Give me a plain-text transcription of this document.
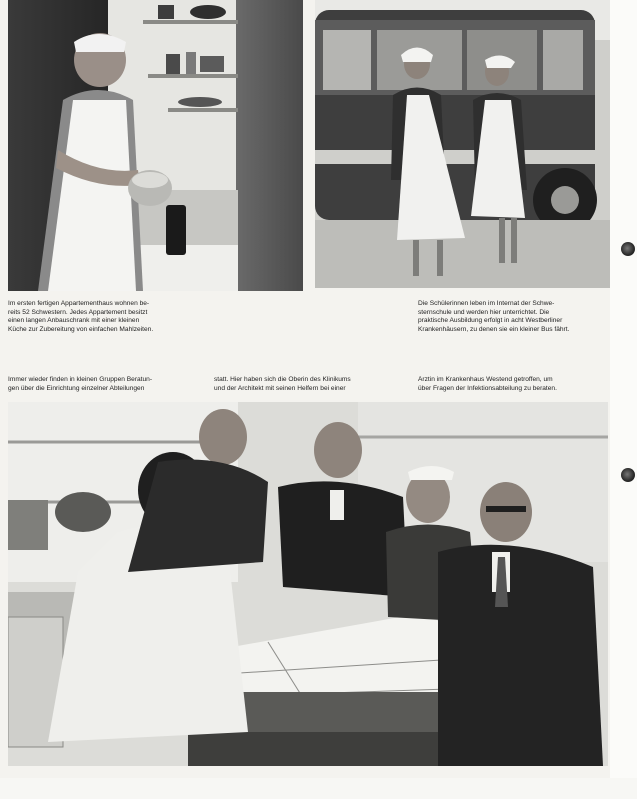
Im ersten fertigen Appartementhaus wohnen be-
reits 52 Schwestern. Jedes Appartement besitzt
einen langen Anbauschrank mit einer kleinen
Küche zur Zubereitung von einfachen Mahlzeiten.
Die Schülerinnen leben im Internat der Schwe-
sternschule und werden hier unterrichtet. Die
praktische Ausbildung erfolgt in acht Westberliner
Krankenhäusern, zu denen sie ein kleiner Bus fährt.
Immer wieder finden in kleinen Gruppen Beratun-
gen über die Einrichtung einzelner Abteilungen
statt. Hier haben sich die Oberin des Klinikums
und der Architekt mit seinen Helfern bei einer
Ärztin im Krankenhaus Westend getroffen, um
über Fragen der Infektionsabteilung zu beraten.
